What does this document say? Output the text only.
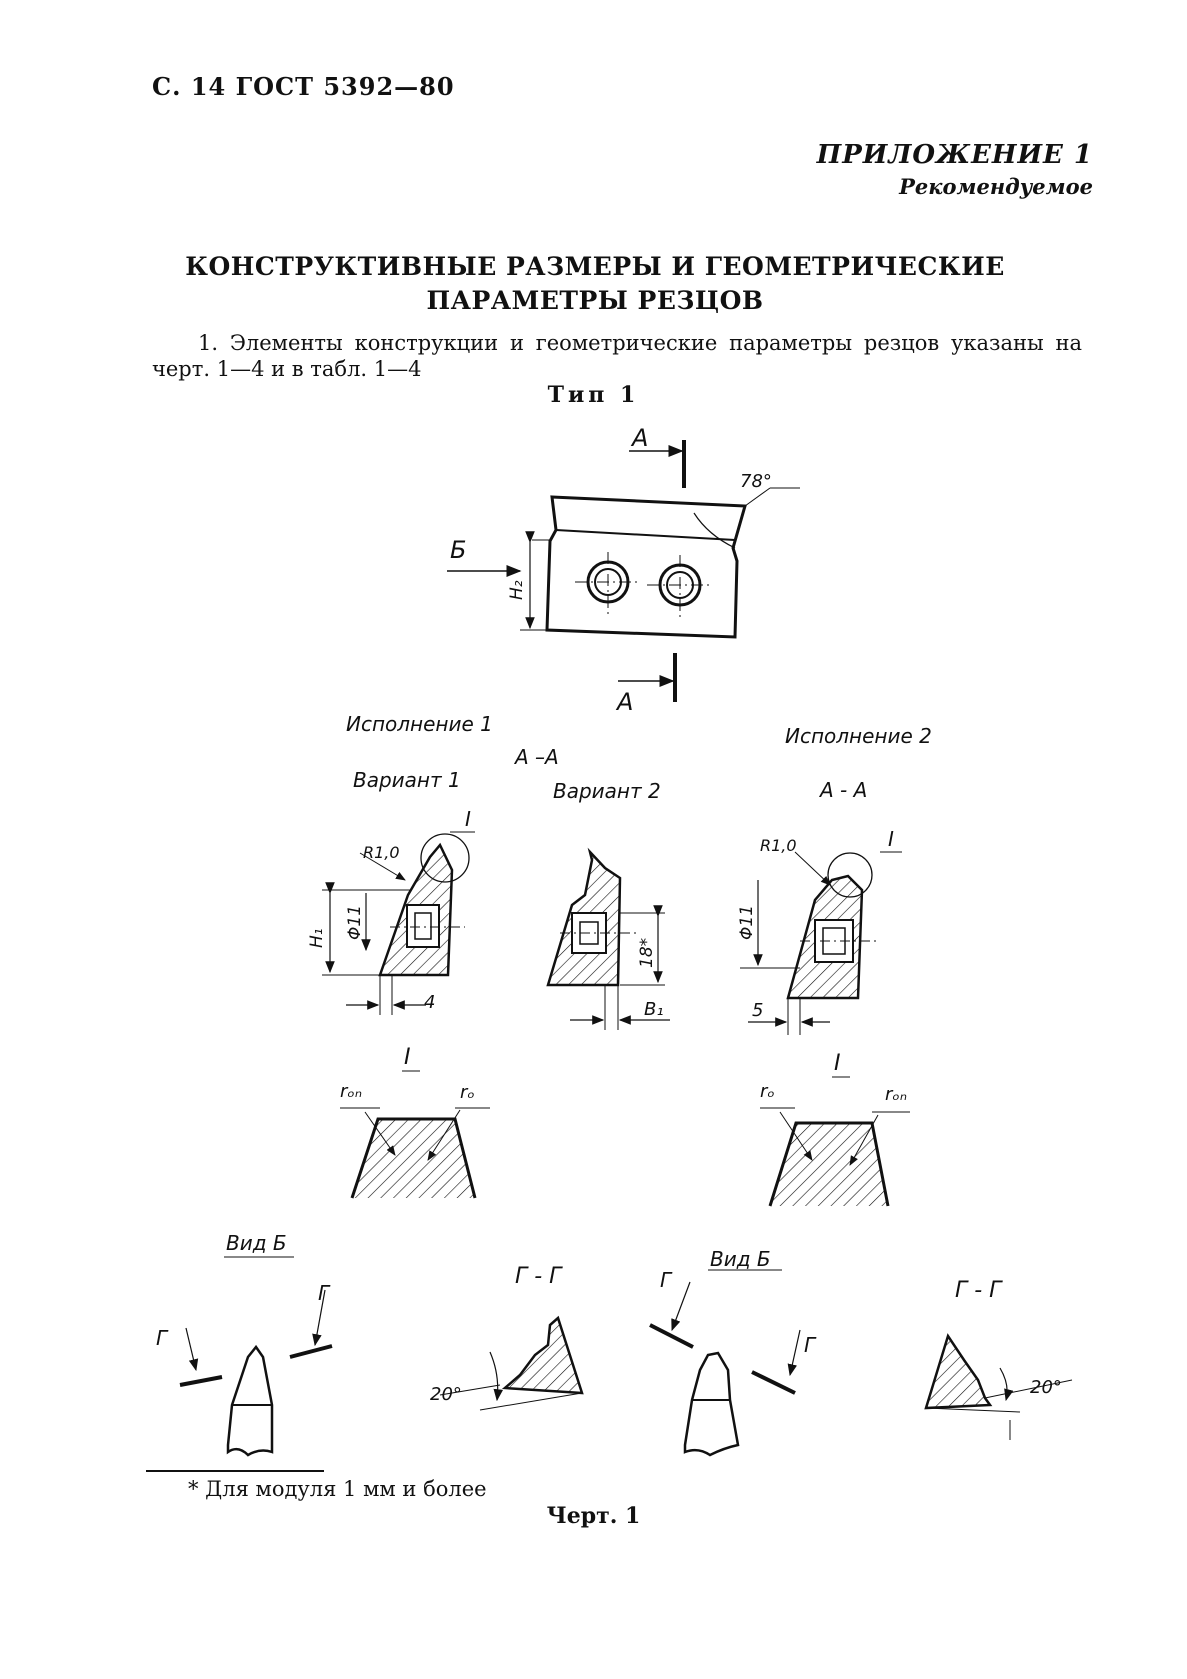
С. 14 ГОСТ 5392—80
ПРИЛОЖЕНИЕ 1
Рекомендуемое
КОНСТРУКТИВНЫЕ РАЗМЕРЫ И ГЕОМЕТРИЧЕСКИЕ ПАРАМЕТРЫ РЕЗЦОВ
1. Элементы конструкции и геометрические параметры резцов указаны на черт. 1—4 и в табл. 1—4
Тип 1
А
А
Б
78°
H₂
Исполнение 1
А –А
Вариант 1	Вариант 2
Исполнение 2
А - А
R1,0
I
H₁ Φ11
4
18*
B₁
R1,0	I
Φ11
5
I
rₒₙ	rₒ
I
rₒ	rₒₙ
Вид Б
Г
Г
Г - Г
20°
Вид Б
Г
Г
Г - Г
20°
* Для модуля 1 мм и более
Черт. 1
